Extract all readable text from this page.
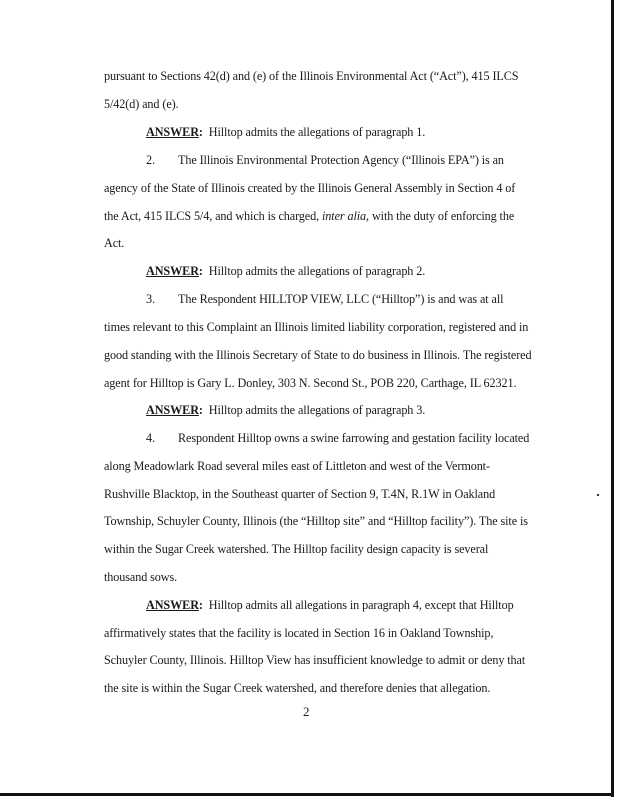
pursuant to Sections 42(d) and (e) of the Illinois Environmental Act (“Act”), 415 ILCS
5/42(d) and (e).
ANSWER: Hilltop admits the allegations of paragraph 1.
2. The Illinois Environmental Protection Agency (“Illinois EPA”) is an
agency of the State of Illinois created by the Illinois General Assembly in Section 4 of
the Act, 415 ILCS 5/4, and which is charged, inter alia, with the duty of enforcing the
Act.
ANSWER: Hilltop admits the allegations of paragraph 2.
3. The Respondent HILLTOP VIEW, LLC (“Hilltop”) is and was at all
times relevant to this Complaint an Illinois limited liability corporation, registered and in
good standing with the Illinois Secretary of State to do business in Illinois. The registered
agent for Hilltop is Gary L. Donley, 303 N. Second St., POB 220, Carthage, IL 62321.
ANSWER: Hilltop admits the allegations of paragraph 3.
4. Respondent Hilltop owns a swine farrowing and gestation facility located
along Meadowlark Road several miles east of Littleton and west of the Vermont-
Rushville Blacktop, in the Southeast quarter of Section 9, T.4N, R.1W in Oakland
Township, Schuyler County, Illinois (the “Hilltop site” and “Hilltop facility”). The site is
within the Sugar Creek watershed. The Hilltop facility design capacity is several
thousand sows.
ANSWER: Hilltop admits all allegations in paragraph 4, except that Hilltop
affirmatively states that the facility is located in Section 16 in Oakland Township,
Schuyler County, Illinois. Hilltop View has insufficient knowledge to admit or deny that
the site is within the Sugar Creek watershed, and therefore denies that allegation.
2
